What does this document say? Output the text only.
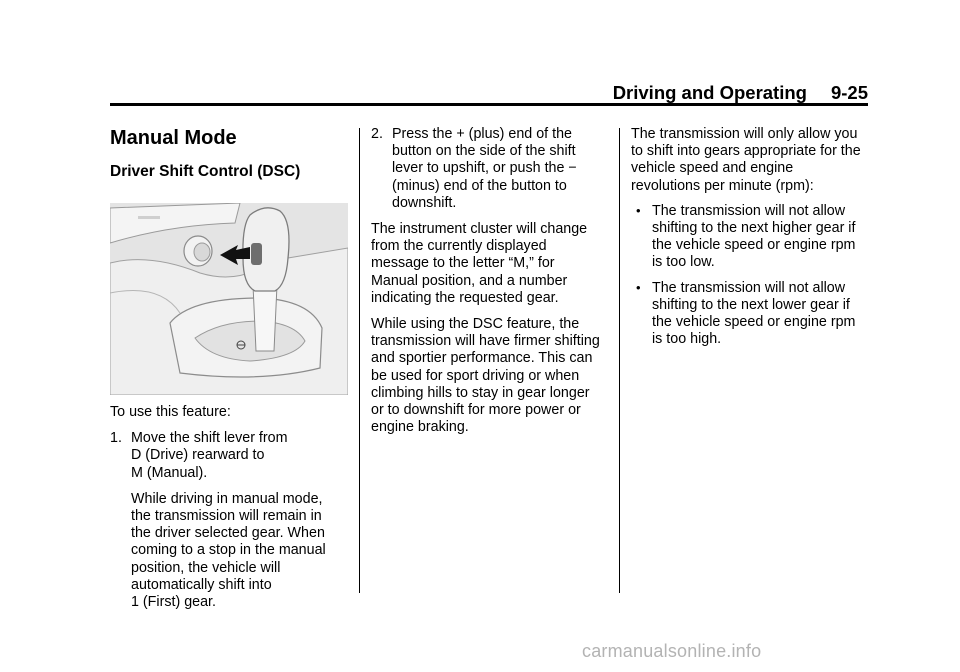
Driving and Operating 9-25
Manual Mode
Driver Shift Control (DSC)

To use this feature:

1. Move the shift lever from
D (Drive) rearward to
M (Manual).
While driving in manual mode,
the transmission will remain in
the driver selected gear. When
coming to a stop in the manual
position, the vehicle will
automatically shift into
1 (First) gear.
2. Press the + (plus) end of the
button on the side of the shift
lever to upshift, or push the −
(minus) end of the button to
downshift.
The instrument cluster will change
from the currently displayed
message to the letter “M,” for
Manual position, and a number
indicating the requested gear.
While using the DSC feature, the
transmission will have firmer shifting
and sportier performance. This can
be used for sport driving or when
climbing hills to stay in gear longer
or to downshift for more power or
engine braking.
The transmission will only allow you
to shift into gears appropriate for the
vehicle speed and engine
revolutions per minute (rpm):
• The transmission will not allow
shifting to the next higher gear if
the vehicle speed or engine rpm
is too low.
• The transmission will not allow
shifting to the next lower gear if
the vehicle speed or engine rpm
is too high.
carmanualsonline.info
